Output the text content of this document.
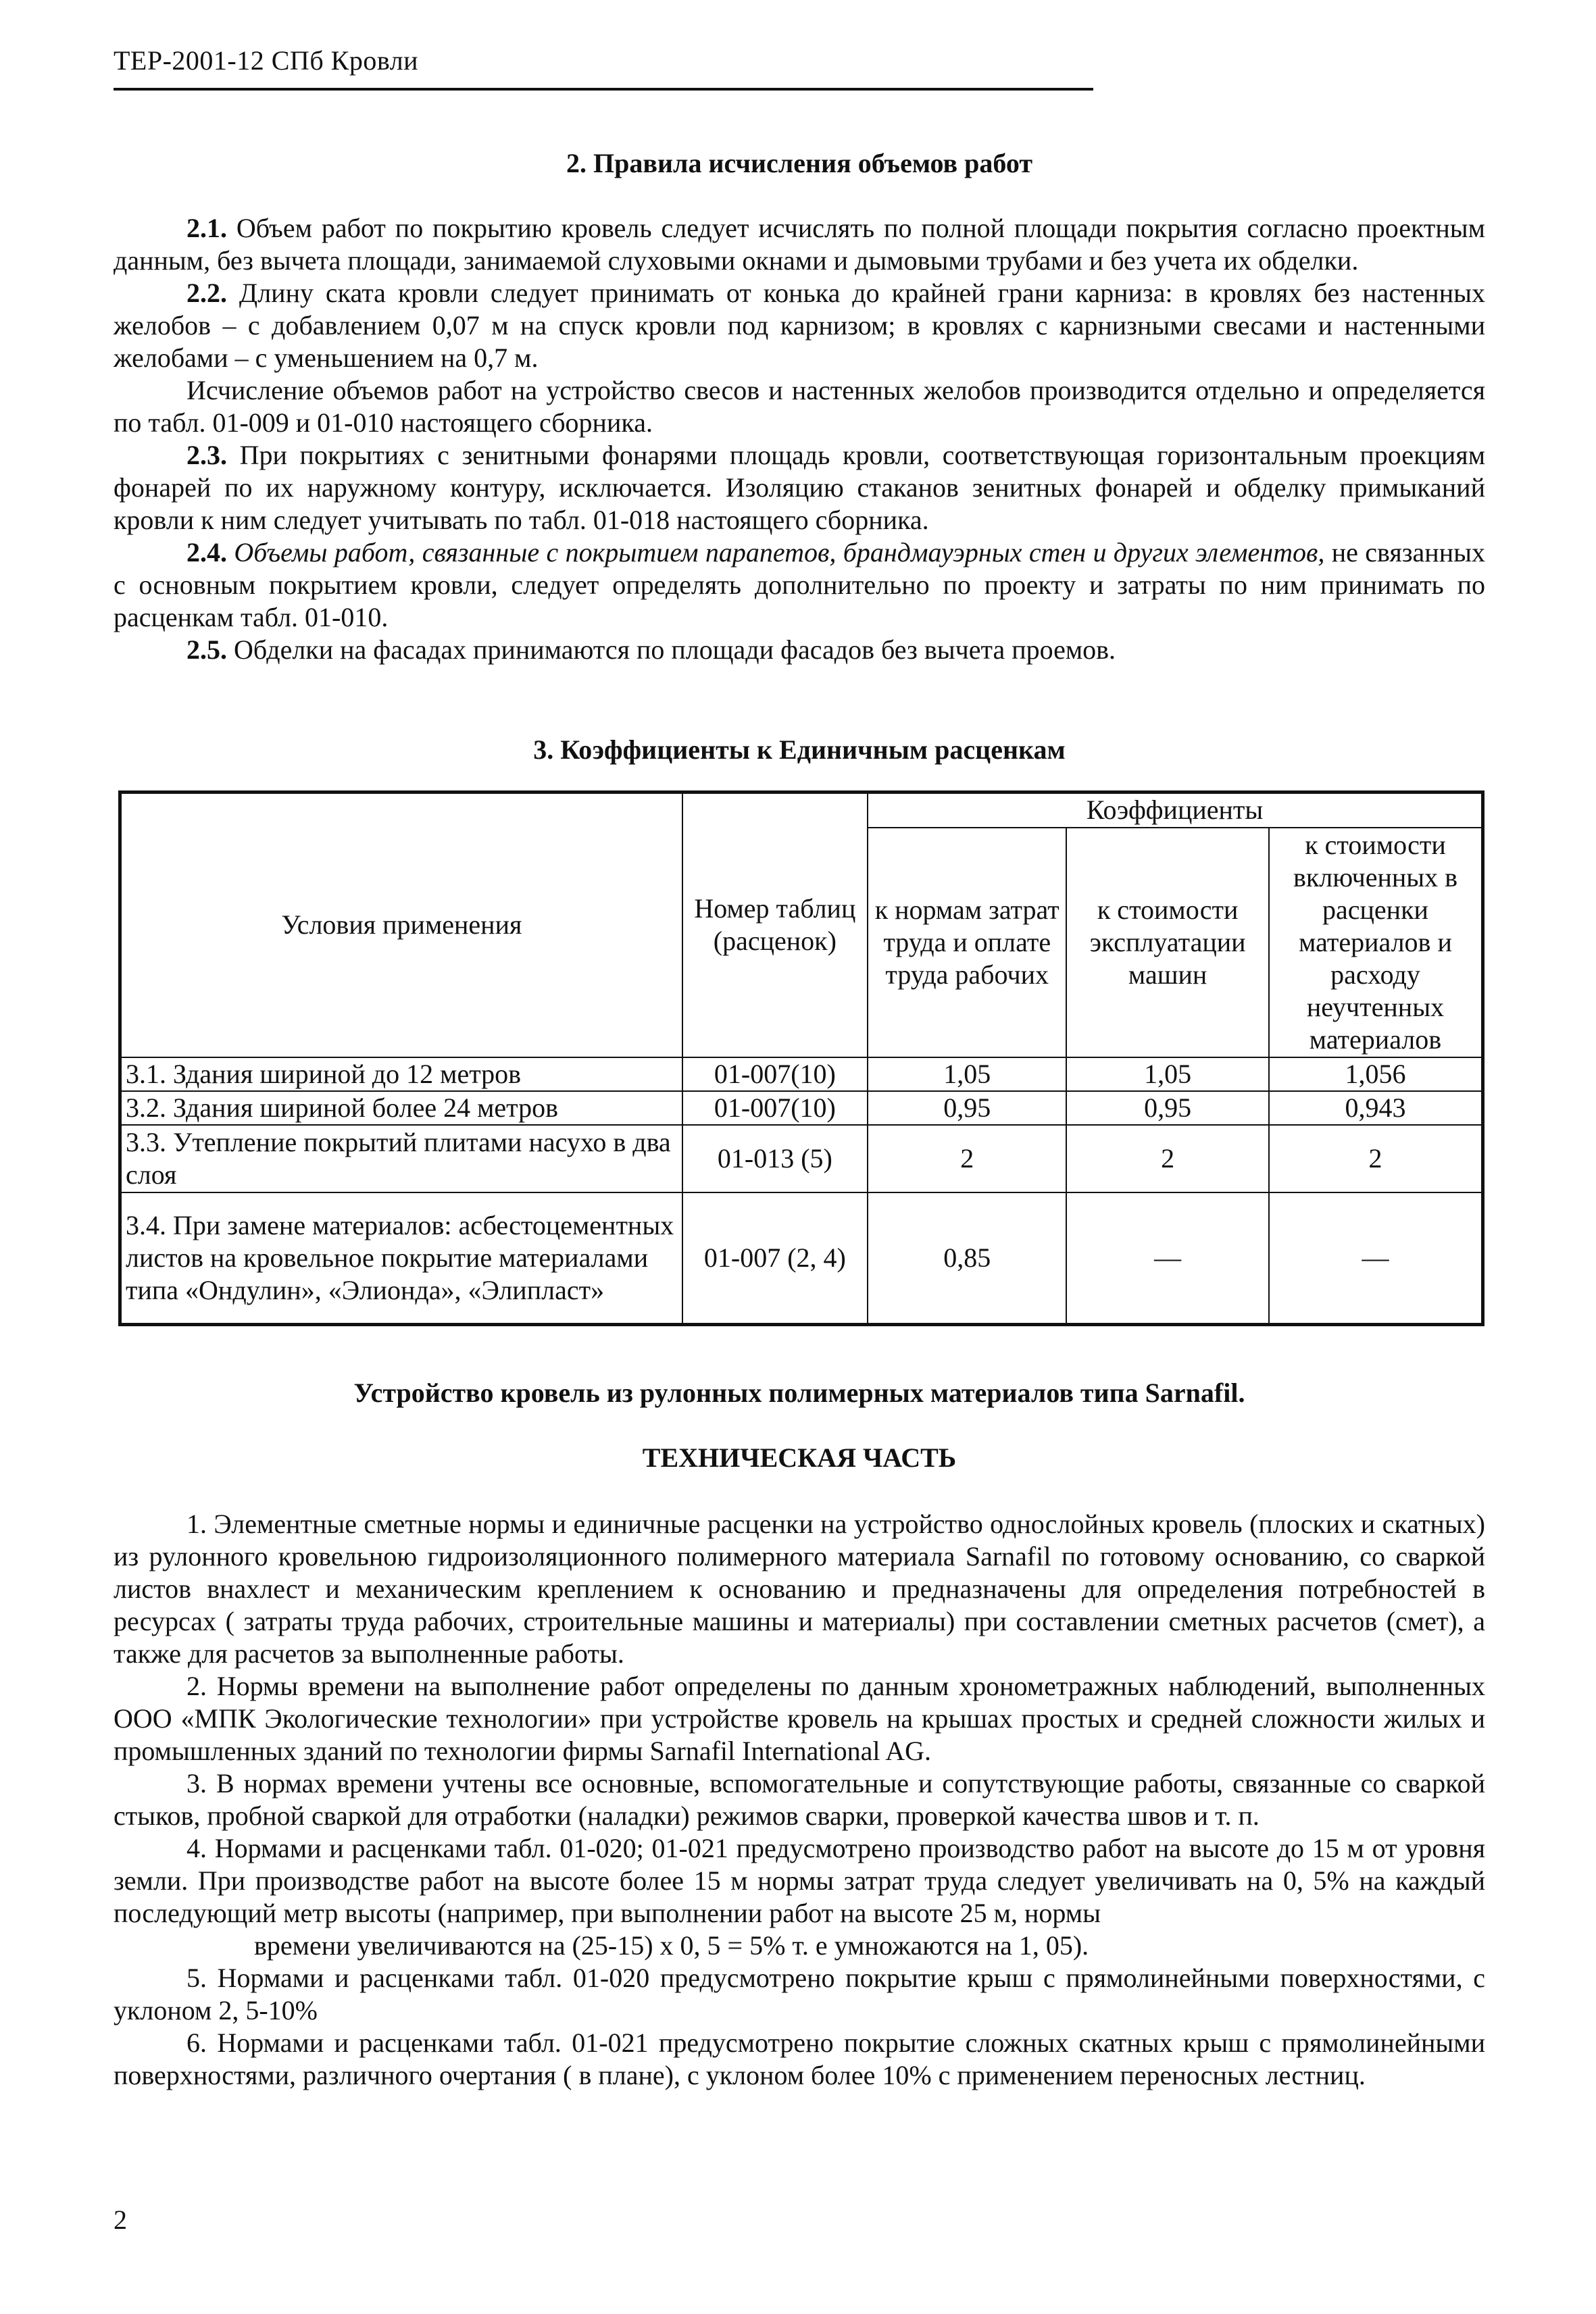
ТЕР-2001-12 СПб Кровли
2. Правила исчисления объемов работ

2.1. Объем работ по покрытию кровель следует исчислять по полной площади покрытия согласно проектным данным, без вычета площади, занимаемой слуховыми окнами и дымовыми трубами и без учета их обделки.

2.2. Длину ската кровли следует принимать от конька до крайней грани карниза: в кровлях без настенных желобов – с добавлением 0,07 м на спуск кровли под карнизом; в кровлях с карнизными свесами и настенными желобами – с уменьшением на 0,7 м.

Исчисление объемов работ на устройство свесов и настенных желобов производится отдельно и определяется по табл. 01-009 и 01-010 настоящего сборника.

2.3. При покрытиях с зенитными фонарями площадь кровли, соответствующая горизонтальным проекциям фонарей по их наружному контуру, исключается. Изоляцию стаканов зенитных фонарей и обделку примыканий кровли к ним следует учитывать по табл. 01-018 настоящего сборника.

2.4. Объемы работ, связанные с покрытием парапетов, брандмауэрных стен и других элементов, не связанных с основным покрытием кровли, следует определять дополнительно по проекту и затраты по ним принимать по расценкам табл. 01-010.

2.5. Обделки на фасадах принимаются по площади фасадов без вычета проемов.

3. Коэффициенты к Единичным расценкам
Условия применения	Номер таблиц (расценок)	Коэффициенты		
		к нормам затрат труда и оплате труда рабочих	к стоимости эксплуатации машин	к стоимости включенных в расценки материалов и расходу неучтенных материалов
3.1. Здания шириной до 12 метров	01-007(10)	1,05	1,05	1,056
3.2. Здания шириной более 24 метров	01-007(10)	0,95	0,95	0,943
3.3. Утепление покрытий плитами насухо в два слоя	01-013 (5)	2	2	2
3.4. При замене материалов: асбестоцементных листов на кровельное покрытие материалами типа «Ондулин», «Элионда», «Элипласт»	01-007 (2, 4)	0,85	—	—
Устройство кровель из рулонных полимерных материалов типа Sarnafil.
ТЕХНИЧЕСКАЯ ЧАСТЬ

1. Элементные сметные нормы и единичные расценки на устройство однослойных кровель (плоских и скатных) из рулонного кровельною гидроизоляционного полимерного материала Sarnafil по готовому основанию, со сваркой листов внахлест и механическим креплением к основанию и предназначены для определения потребностей в ресурсах ( затраты труда рабочих, строительные машины и материалы) при составлении сметных расчетов (смет), а также для расчетов за выполненные работы.

2. Нормы времени на выполнение работ определены по данным хронометражных наблюдений, выполненных ООО «МПК Экологические технологии» при устройстве кровель на крышах простых и средней сложности жилых и промышленных зданий по технологии фирмы Sarnafil International AG.

3. В нормах времени учтены все основные, вспомогательные и сопутствующие работы, связанные со сваркой стыков, пробной сваркой для отработки (наладки) режимов сварки, проверкой качества швов и т. п.

4. Нормами и расценками табл. 01-020; 01-021 предусмотрено производство работ на высоте до 15 м от уровня земли. При производстве работ на высоте более 15 м нормы затрат труда следует увеличивать на 0, 5% на каждый последующий метр высоты (например, при выполнении работ на высоте 25 м, нормы

времени увеличиваются на (25-15) х 0, 5 = 5% т. е умножаются на 1, 05).

5. Нормами и расценками табл. 01-020 предусмотрено покрытие крыш с прямолинейными поверхностями, с уклоном 2, 5-10%

6. Нормами и расценками табл. 01-021 предусмотрено покрытие сложных скатных крыш с прямолинейными поверхностями, различного очертания ( в плане), с уклоном более 10% с применением переносных лестниц.

2
